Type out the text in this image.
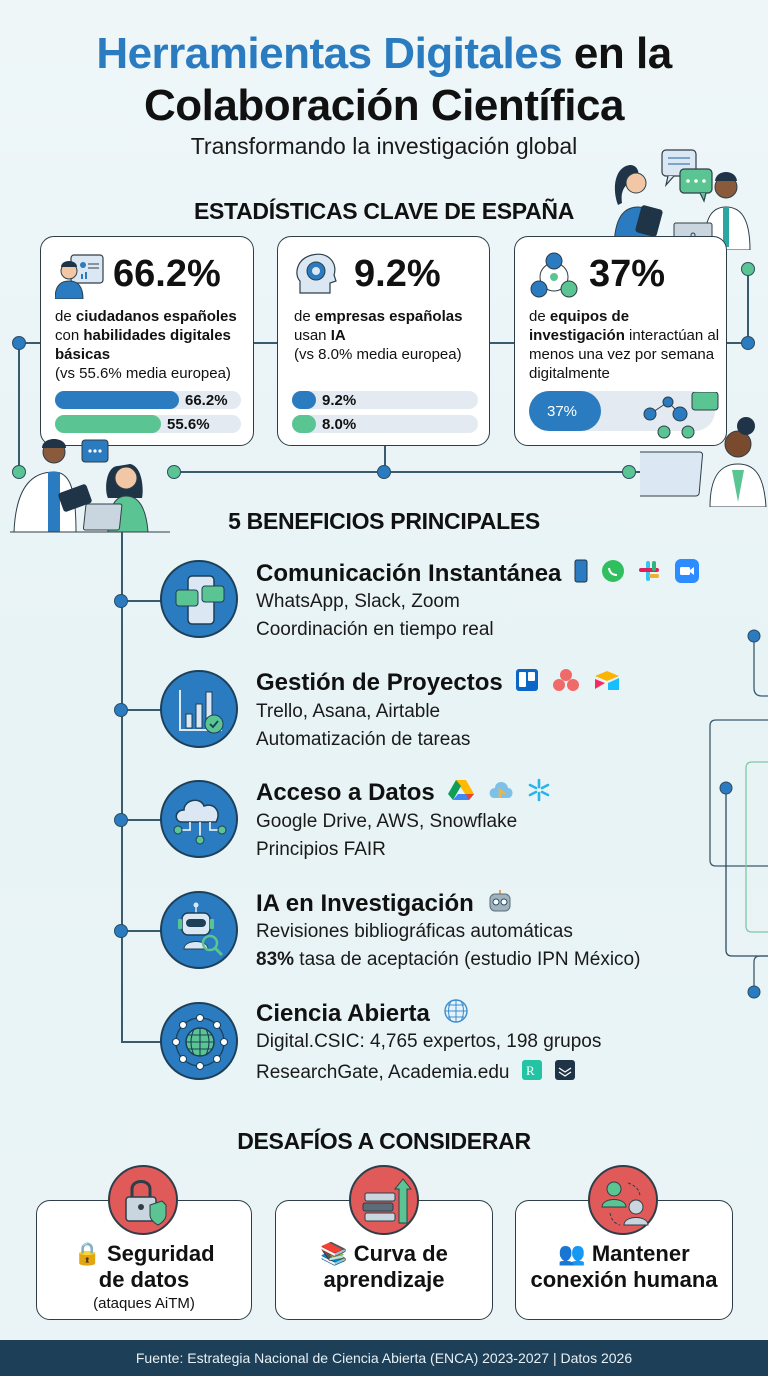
Herramientas Digitales en la
Colaboración Científica
Transformando la investigación global
ESTADÍSTICAS CLAVE DE ESPAÑA
66.2%
de ciudadanos españoles con habilidades digitales básicas
(vs 55.6% media europea)
66.2%
55.6%
9.2%
de empresas españolas usan IA
(vs 8.0% media europea)
9.2%
8.0%
37%
de equipos de investigación interactúan al menos una vez por semana digitalmente
37%
5 BENEFICIOS PRINCIPALES
Comunicación Instantánea
WhatsApp, Slack, Zoom
Coordinación en tiempo real
Gestión de Proyectos
Trello, Asana, Airtable
Automatización de tareas
Acceso a Datos
Google Drive, AWS, Snowflake
Principios FAIR
IA en Investigación
Revisiones bibliográficas automáticas
83% tasa de aceptación (estudio IPN México)
Ciencia Abierta
Digital.CSIC: 4,765 expertos, 198 grupos
ResearchGate, Academia.edu R

DESAFÍOS A CONSIDERAR
🔒 Seguridad
de datos
(ataques AiTM)
📚 Curva de
aprendizaje
👥 Mantener
conexión humana
Fuente: Estrategia Nacional de Ciencia Abierta (ENCA) 2023-2027 | Datos 2026
